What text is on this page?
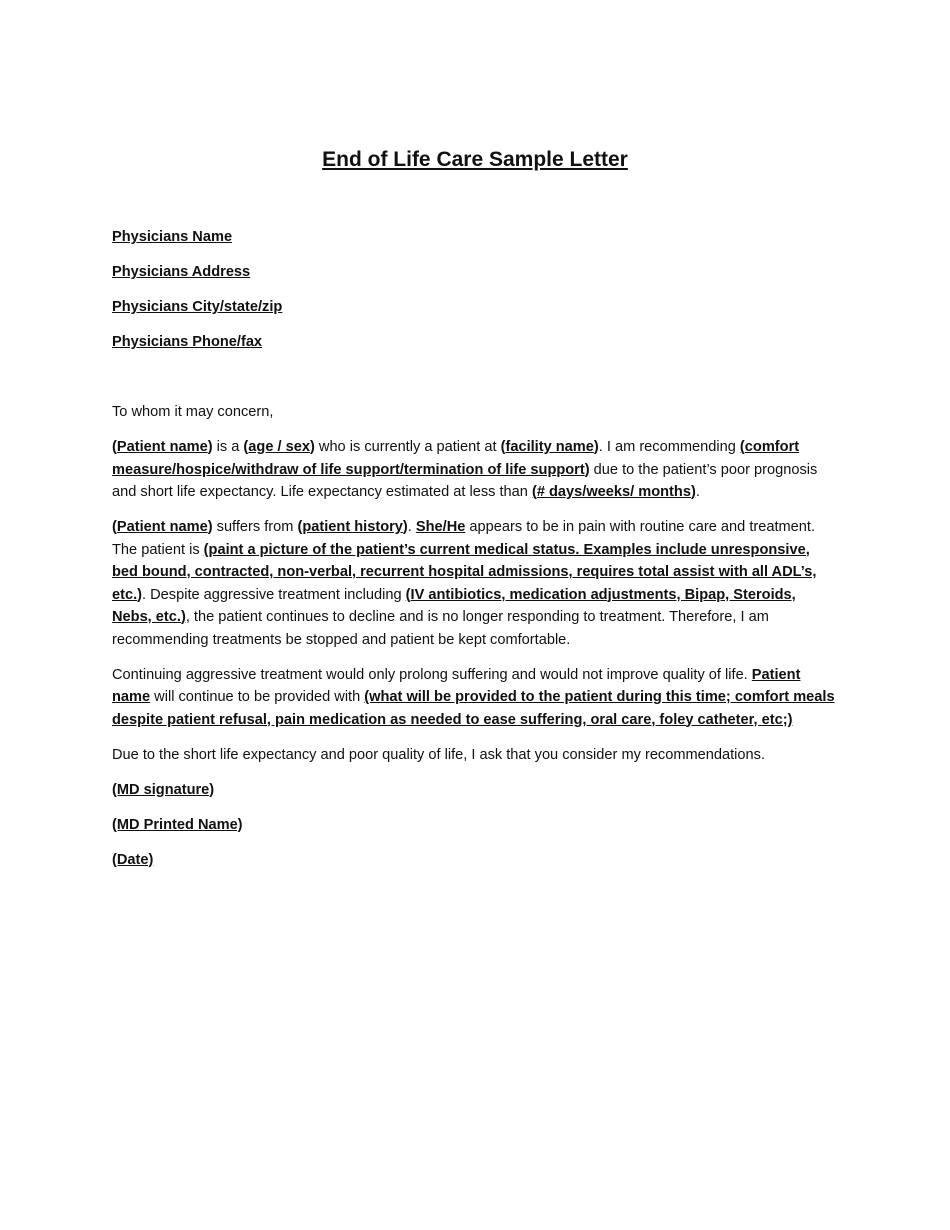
End of Life Care Sample Letter

Physicians Name

Physicians Address

Physicians City/state/zip

Physicians Phone/fax

To whom it may concern,

(Patient name) is a (age / sex) who is currently a patient at (facility name). I am recommending (comfort measure/hospice/withdraw of life support/termination of life support) due to the patient’s poor prognosis and short life expectancy. Life expectancy estimated at less than (# days/weeks/ months).

(Patient name) suffers from (patient history). She/He appears to be in pain with routine care and treatment. The patient is (paint a picture of the patient’s current medical status. Examples include unresponsive, bed bound, contracted, non-verbal, recurrent hospital admissions, requires total assist with all ADL’s, etc.). Despite aggressive treatment including (IV antibiotics, medication adjustments, Bipap, Steroids, Nebs, etc.), the patient continues to decline and is no longer responding to treatment. Therefore, I am recommending treatments be stopped and patient be kept comfortable.

Continuing aggressive treatment would only prolong suffering and would not improve quality of life. Patient name will continue to be provided with (what will be provided to the patient during this time; comfort meals despite patient refusal, pain medication as needed to ease suffering, oral care, foley catheter, etc;)

Due to the short life expectancy and poor quality of life, I ask that you consider my recommendations.

(MD signature)

(MD Printed Name)

(Date)
